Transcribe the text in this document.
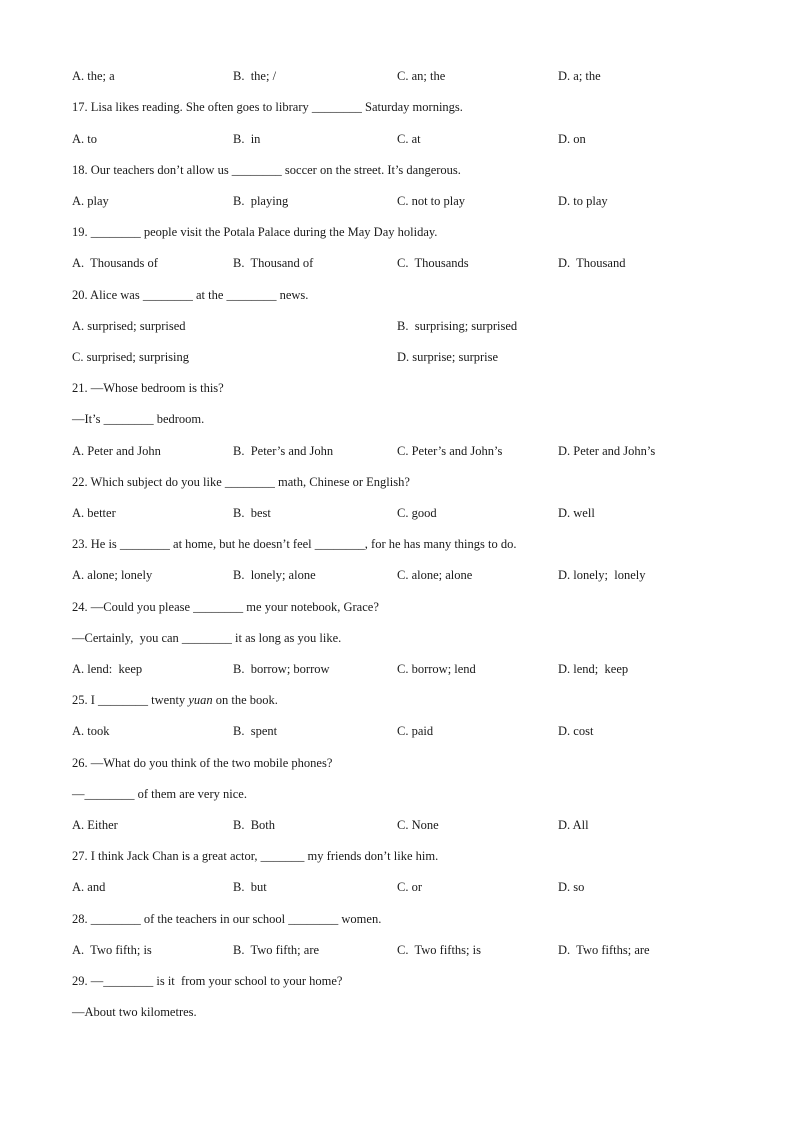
A. the; a	B.  the; /	C. an; the	D. a; the
17. Lisa likes reading. She often goes to library ________ Saturday mornings.
A. to	B.  in	C. at	D. on
18. Our teachers don’t allow us ________ soccer on the street. It’s dangerous.
A. play	B.  playing	C. not to play	D. to play
19. ________ people visit the Potala Palace during the May Day holiday.
A.  Thousands of	B.  Thousand of	C.  Thousands	D.  Thousand
20. Alice was ________ at the ________ news.
A. surprised; surprised	B.  surprising; surprised
C. surprised; surprising	D. surprise; surprise
21. —Whose bedroom is this?
—It’s ________ bedroom.
A. Peter and John	B.  Peter’s and John	C. Peter’s and John’s	D. Peter and John’s
22. Which subject do you like ________ math, Chinese or English?
A. better	B.  best	C. good	D. well
23. He is ________ at home, but he doesn’t feel ________, for he has many things to do.
A. alone; lonely	B.  lonely; alone	C. alone; alone	D. lonely;  lonely
24. —Could you please ________ me your notebook, Grace?
—Certainly,  you can ________ it as long as you like.
A. lend:  keep	B.  borrow; borrow	C. borrow; lend	D. lend;  keep
25. I ________ twenty yuan on the book.
A. took	B.  spent	C. paid	D. cost
26. —What do you think of the two mobile phones?
—________ of them are very nice.
A. Either	B.  Both	C. None	D. All
27. I think Jack Chan is a great actor, _______ my friends don’t like him.
A. and	B.  but	C. or	D. so
28. ________ of the teachers in our school ________ women.
A.  Two fifth; is	B.  Two fifth; are	C.  Two fifths; is	D.  Two fifths; are
29. —________ is it  from your school to your home?
—About two kilometres.
